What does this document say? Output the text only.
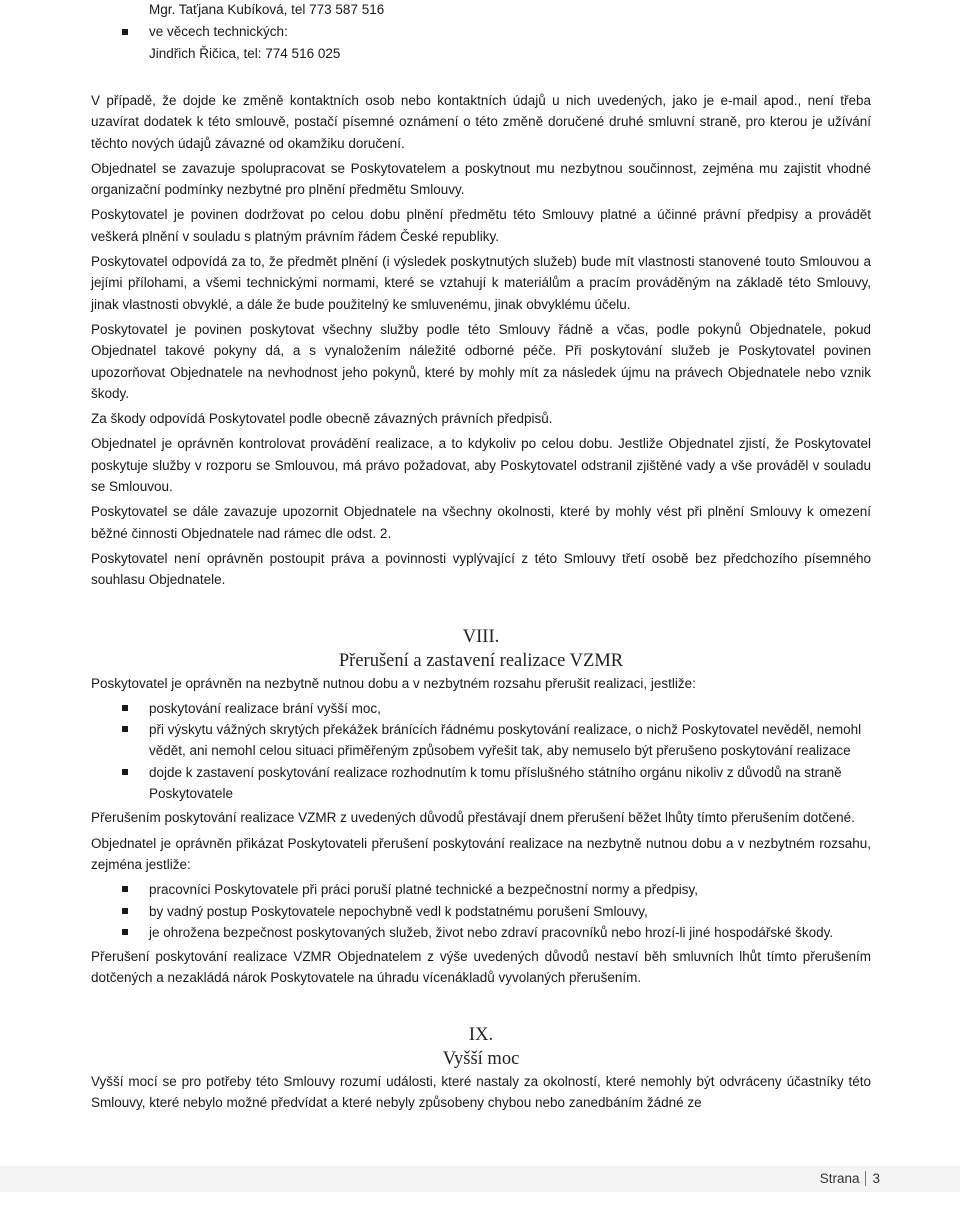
Mgr. Taťjana Kubíková, tel 773 587 516
ve věcech technických:
Jindřich Řičica, tel: 774 516 025

V případě, že dojde ke změně kontaktních osob nebo kontaktních údajů u nich uvedených, jako je e-mail apod., není třeba uzavírat dodatek k této smlouvě, postačí písemné oznámení o této změně doručené druhé smluvní straně, pro kterou je užívání těchto nových údajů závazné od okamžiku doručení.

Objednatel se zavazuje spolupracovat se Poskytovatelem a poskytnout mu nezbytnou součinnost, zejména mu zajistit vhodné organizační podmínky nezbytné pro plnění předmětu Smlouvy.

Poskytovatel je povinen dodržovat po celou dobu plnění předmětu této Smlouvy platné a účinné právní předpisy a provádět veškerá plnění v souladu s platným právním řádem České republiky.

Poskytovatel odpovídá za to, že předmět plnění (i výsledek poskytnutých služeb) bude mít vlastnosti stanovené touto Smlouvou a jejími přílohami, a všemi technickými normami, které se vztahují k materiálům a pracím prováděným na základě této Smlouvy, jinak vlastnosti obvyklé, a dále že bude použitelný ke smluvenému, jinak obvyklému účelu.

Poskytovatel je povinen poskytovat všechny služby podle této Smlouvy řádně a včas, podle pokynů Objednatele, pokud Objednatel takové pokyny dá, a s vynaložením náležité odborné péče. Při poskytování služeb je Poskytovatel povinen upozorňovat Objednatele na nevhodnost jeho pokynů, které by mohly mít za následek újmu na právech Objednatele nebo vznik škody.

Za škody odpovídá Poskytovatel podle obecně závazných právních předpisů.

Objednatel je oprávněn kontrolovat provádění realizace, a to kdykoliv po celou dobu. Jestliže Objednatel zjistí, že Poskytovatel poskytuje služby v rozporu se Smlouvou, má právo požadovat, aby Poskytovatel odstranil zjištěné vady a vše prováděl v souladu se Smlouvou.

Poskytovatel se dále zavazuje upozornit Objednatele na všechny okolnosti, které by mohly vést při plnění Smlouvy k omezení běžné činnosti Objednatele nad rámec dle odst. 2.

Poskytovatel není oprávněn postoupit práva a povinnosti vyplývající z této Smlouvy třetí osobě bez předchozího písemného souhlasu Objednatele.

VIII.

Přerušení a zastavení realizace VZMR

Poskytovatel je oprávněn na nezbytně nutnou dobu a v nezbytném rozsahu přerušit realizaci, jestliže:

poskytování realizace brání vyšší moc,
při výskytu vážných skrytých překážek bránících řádnému poskytování realizace, o nichž Poskytovatel nevěděl, nemohl vědět, ani nemohl celou situaci přiměřeným způsobem vyřešit tak, aby nemuselo být přerušeno poskytování realizace
dojde k zastavení poskytování realizace rozhodnutím k tomu příslušného státního orgánu nikoliv z důvodů na straně Poskytovatele

Přerušením poskytování realizace VZMR z uvedených důvodů přestávají dnem přerušení běžet lhůty tímto přerušením dotčené.

Objednatel je oprávněn přikázat Poskytovateli přerušení poskytování realizace na nezbytně nutnou dobu a v nezbytném rozsahu, zejména jestliže:

pracovníci Poskytovatele při práci poruší platné technické a bezpečnostní normy a předpisy,
by vadný postup Poskytovatele nepochybně vedl k podstatnému porušení Smlouvy,
je ohrožena bezpečnost poskytovaných služeb, život nebo zdraví pracovníků nebo hrozí-li jiné hospodářské škody.

Přerušení poskytování realizace VZMR Objednatelem z výše uvedených důvodů nestaví běh smluvních lhůt tímto přerušením dotčených a nezakládá nárok Poskytovatele na úhradu vícenákladů vyvolaných přerušením.

IX.

Vyšší moc

Vyšší mocí se pro potřeby této Smlouvy rozumí události, které nastaly za okolností, které nemohly být odvráceny účastníky této Smlouvy, které nebylo možné předvídat a které nebyly způsobeny chybou nebo zanedbáním žádné ze

Strana 3
